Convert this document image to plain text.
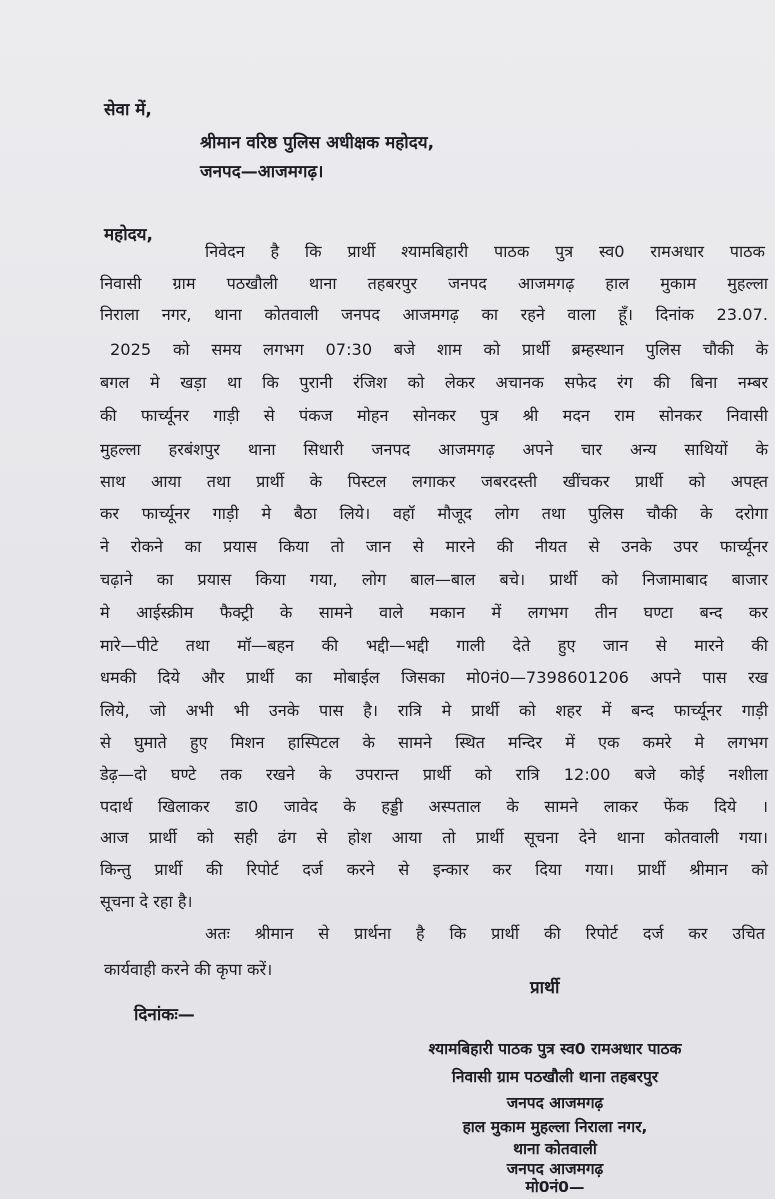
सेवा में,
श्रीमान वरिष्ठ पुलिस अधीक्षक महोदय,
जनपद—आजमगढ़।
महोदय,
निवेदन है कि प्रार्थी श्यामबिहारी पाठक पुत्र स्व0 रामअधार पाठक
निवासी ग्राम पठखौली थाना तहबरपुर जनपद आजमगढ़ हाल मुकाम मुहल्ला
निराला नगर, थाना कोतवाली जनपद आजमगढ़ का रहने वाला हूँ। दिनांक 23.07.
2025 को समय लगभग 07:30 बजे शाम को प्रार्थी ब्रम्हस्थान पुलिस चौकी के
बगल मे खड़ा था कि पुरानी रंजिश को लेकर अचानक सफेद रंग की बिना नम्बर
की फार्च्यूनर गाड़ी से पंकज मोहन सोनकर पुत्र श्री मदन राम सोनकर निवासी
मुहल्ला हरबंशपुर थाना सिधारी जनपद आजमगढ़ अपने चार अन्य साथियों के
साथ आया तथा प्रार्थी के पिस्टल लगाकर जबरदस्ती खींचकर प्रार्थी को अपह्त
कर फार्च्यूनर गाड़ी मे बैठा लिये। वहॉ मौजूद लोग तथा पुलिस चौकी के दरोगा
ने रोकने का प्रयास किया तो जान से मारने की नीयत से उनके उपर फार्च्यूनर
चढ़ाने का प्रयास किया गया, लोग बाल—बाल बचे। प्रार्थी को निजामाबाद बाजार
मे आईस्क्रीम फैक्ट्री के सामने वाले मकान में लगभग तीन घण्टा बन्द कर
मारे—पीटे तथा मॉ—बहन की भद्दी—भद्दी गाली देते हुए जान से मारने की
धमकी दिये और प्रार्थी का मोबाईल जिसका मो0नं0—7398601206 अपने पास रख
लिये, जो अभी भी उनके पास है। रात्रि मे प्रार्थी को शहर में बन्द फार्च्यूनर गाड़ी
से घुमाते हुए मिशन हास्पिटल के सामने स्थित मन्दिर में एक कमरे मे लगभग
डेढ़—दो घण्टे तक रखने के उपरान्त प्रार्थी को रात्रि 12:00 बजे कोई नशीला
पदार्थ खिलाकर डा0 जावेद के हड्डी अस्पताल के सामने लाकर फेंक दिये ।
आज प्रार्थी को सही ढंग से होश आया तो प्रार्थी सूचना देने थाना कोतवाली गया।
किन्तु प्रार्थी की रिपोर्ट दर्ज करने से इन्कार कर दिया गया। प्रार्थी श्रीमान को
सूचना दे रहा है।
अतः श्रीमान से प्रार्थना है कि प्रार्थी की रिपोर्ट दर्ज कर उचित
कार्यवाही करने की कृपा करें।
प्रार्थी
दिनांकः—
श्यामबिहारी पाठक पुत्र स्व0 रामअधार पाठक
निवासी ग्राम पठखौली थाना तहबरपुर
जनपद आजमगढ़
हाल मुकाम मुहल्ला निराला नगर,
थाना कोतवाली
जनपद आजमगढ़
मो0नं0—
